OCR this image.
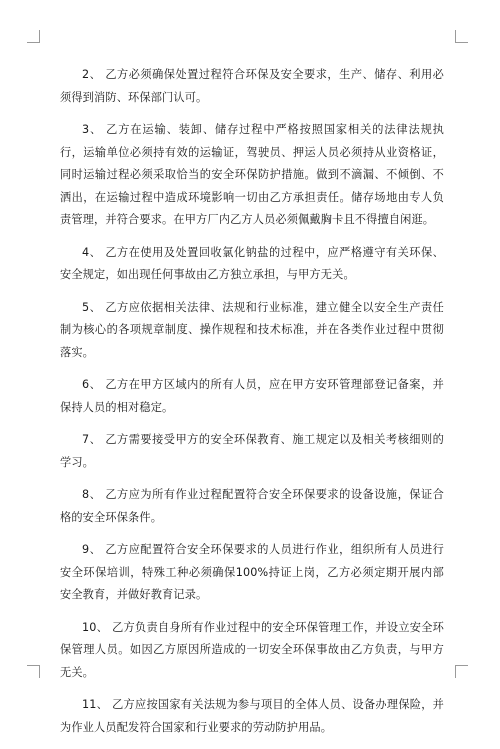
2、 乙方必须确保处置过程符合环保及安全要求，生产、储存、利用必须得到消防、环保部门认可。

3、 乙方在运输、装卸、储存过程中严格按照国家相关的法律法规执行，运输单位必须持有效的运输证，驾驶员、押运人员必须持从业资格证，同时运输过程必须采取恰当的安全环保防护措施。做到不滴漏、不倾倒、不洒出，在运输过程中造成环境影响一切由乙方承担责任。储存场地由专人负责管理，并符合要求。在甲方厂内乙方人员必须佩戴胸卡且不得擅自闲逛。

4、 乙方在使用及处置回收氯化钠盐的过程中，应严格遵守有关环保、安全规定，如出现任何事故由乙方独立承担，与甲方无关。

5、 乙方应依据相关法律、法规和行业标准，建立健全以安全生产责任制为核心的各项规章制度、操作规程和技术标准，并在各类作业过程中贯彻落实。

6、 乙方在甲方区域内的所有人员，应在甲方安环管理部登记备案，并保持人员的相对稳定。

7、 乙方需要接受甲方的安全环保教育、施工规定以及相关考核细则的学习。

8、 乙方应为所有作业过程配置符合安全环保要求的设备设施，保证合格的安全环保条件。

9、 乙方应配置符合安全环保要求的人员进行作业，组织所有人员进行安全环保培训，特殊工种必须确保100%持证上岗，乙方必须定期开展内部安全教育，并做好教育记录。

10、 乙方负责自身所有作业过程中的安全环保管理工作，并设立安全环保管理人员。如因乙方原因所造成的一切安全环保事故由乙方负责，与甲方无关。

11、 乙方应按国家有关法规为参与项目的全体人员、设备办理保险，并为作业人员配发符合国家和行业要求的劳动防护用品。
